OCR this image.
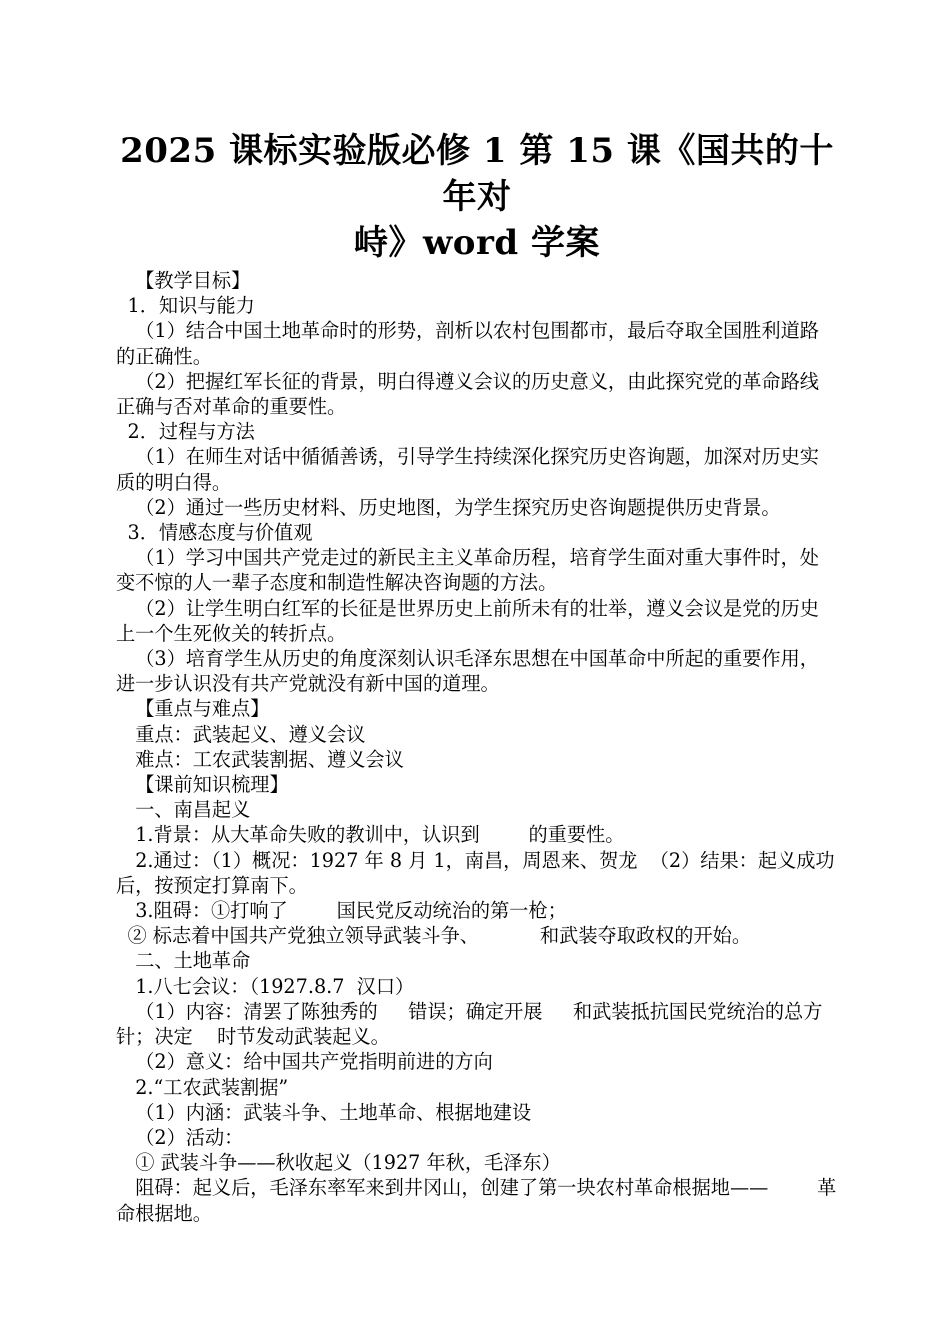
2025 课标实验版必修 1 第 15 课《国共的十年对
峙》word 学案

【教学目标】

1．知识与能力

（1）结合中国土地革命时的形势，剖析以农村包围都市，最后夺取全国胜利道路的正确性。

（2）把握红军长征的背景，明白得遵义会议的历史意义，由此探究党的革命路线正确与否对革命的重要性。

2．过程与方法

（1）在师生对话中循循善诱，引导学生持续深化探究历史咨询题，加深对历史实质的明白得。

（2）通过一些历史材料、历史地图，为学生探究历史咨询题提供历史背景。

3．情感态度与价值观

（1）学习中国共产党走过的新民主主义革命历程，培育学生面对重大事件时，处变不惊的人一辈子态度和制造性解决咨询题的方法。

（2）让学生明白红军的长征是世界历史上前所未有的壮举，遵义会议是党的历史上一个生死攸关的转折点。

（3）培育学生从历史的角度深刻认识毛泽东思想在中国革命中所起的重要作用，进一步认识没有共产党就没有新中国的道理。

【重点与难点】

重点：武装起义、遵义会议

难点：工农武装割据、遵义会议

【课前知识梳理】

一、南昌起义

1.背景：从大革命失败的教训中，认识到        的重要性。

2.通过：（1）概况：1927 年 8 月 1，南昌，周恩来、贺龙  （2）结果：起义成功后，按预定打算南下。

3.阻碍：①打响了        国民党反动统治的第一枪；

② 标志着中国共产党独立领导武装斗争、          和武装夺取政权的开始。

二、土地革命

1.八七会议：（1927.8.7  汉口）

（1）内容：清罢了陈独秀的     错误；确定开展     和武装抵抗国民党统治的总方针；决定    时节发动武装起义。

（2）意义：给中国共产党指明前进的方向

2.“工农武装割据”

（1）内涵：武装斗争、土地革命、根据地建设

（2）活动：

① 武装斗争——秋收起义（1927 年秋，毛泽东）

阻碍：起义后，毛泽东率军来到井冈山，创建了第一块农村革命根据地——        革命根据地。
